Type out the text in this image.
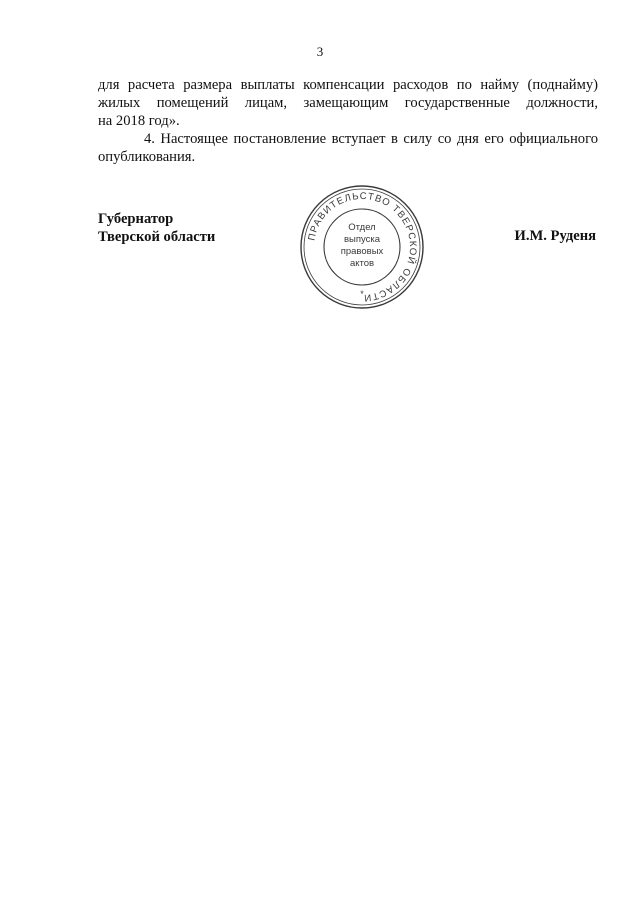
3
для расчета размера выплаты компенсации расходов по найму (поднайму)
жилых помещений лицам, замещающим государственные должности,
на 2018 год».
4. Настоящее постановление вступает в силу со дня его официального
опубликования.
Губернатор
Тверской области	И.М. Руденя
ПРАВИТЕЛЬСТВО ТВЕРСКОЙ ОБЛАСТИ
Отдел
выпуска
правовых
актов
*
